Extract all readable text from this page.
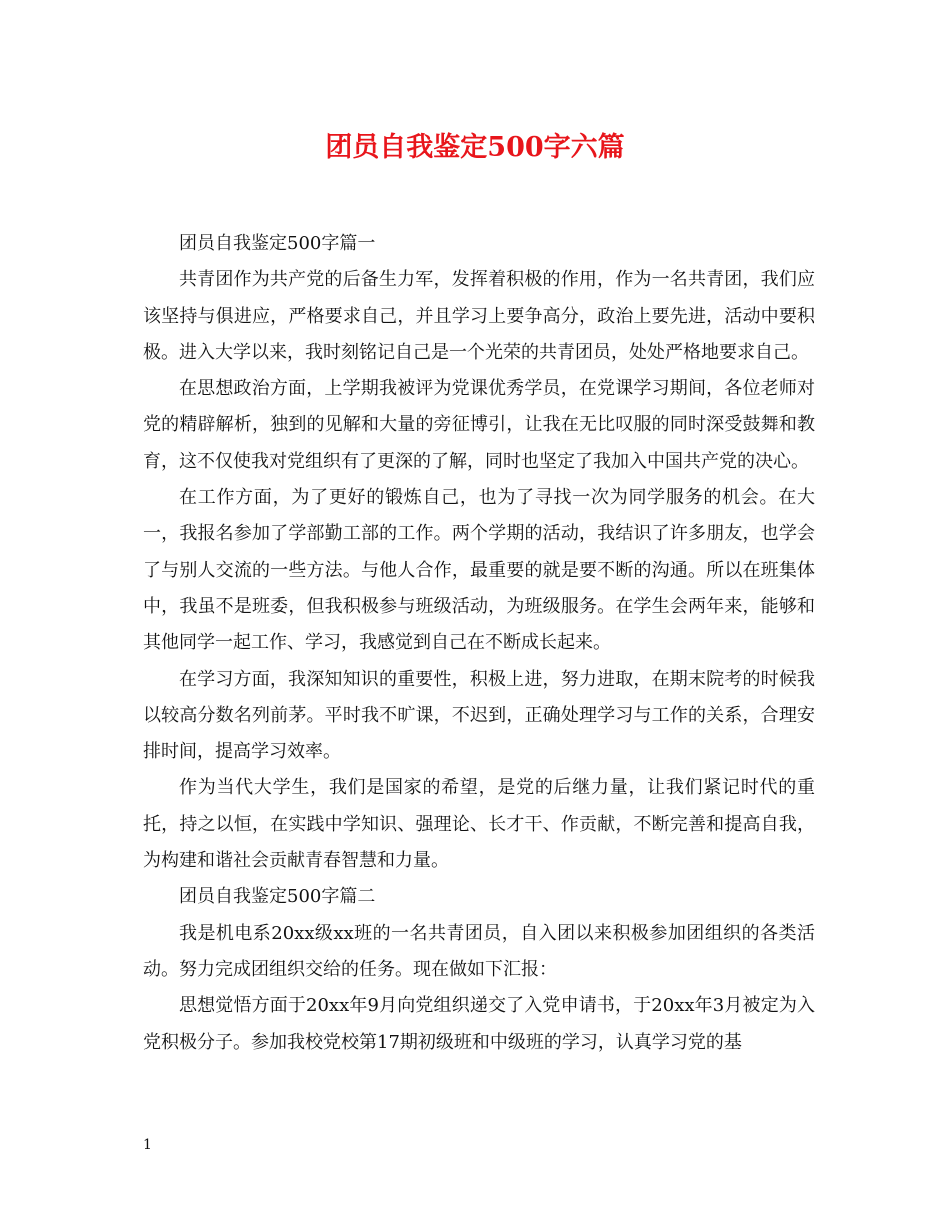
团员自我鉴定500字六篇

团员自我鉴定500字篇一

共青团作为共产党的后备生力军，发挥着积极的作用，作为一名共青团，我们应该坚持与俱进应，严格要求自己，并且学习上要争高分，政治上要先进，活动中要积极。进入大学以来，我时刻铭记自己是一个光荣的共青团员，处处严格地要求自己。

在思想政治方面，上学期我被评为党课优秀学员，在党课学习期间，各位老师对党的精辟解析，独到的见解和大量的旁征博引，让我在无比叹服的同时深受鼓舞和教育，这不仅使我对党组织有了更深的了解，同时也坚定了我加入中国共产党的决心。

在工作方面，为了更好的锻炼自己，也为了寻找一次为同学服务的机会。在大一，我报名参加了学部勤工部的工作。两个学期的活动，我结识了许多朋友，也学会了与别人交流的一些方法。与他人合作，最重要的就是要不断的沟通。所以在班集体中，我虽不是班委，但我积极参与班级活动，为班级服务。在学生会两年来，能够和其他同学一起工作、学习，我感觉到自己在不断成长起来。

在学习方面，我深知知识的重要性，积极上进，努力进取，在期末院考的时候我以较高分数名列前茅。平时我不旷课，不迟到，正确处理学习与工作的关系，合理安排时间，提高学习效率。

作为当代大学生，我们是国家的希望，是党的后继力量，让我们紧记时代的重托，持之以恒，在实践中学知识、强理论、长才干、作贡献，不断完善和提高自我，为构建和谐社会贡献青春智慧和力量。

团员自我鉴定500字篇二

我是机电系20xx级xx班的一名共青团员，自入团以来积极参加团组织的各类活动。努力完成团组织交给的任务。现在做如下汇报：

思想觉悟方面于20xx年9月向党组织递交了入党申请书，于20xx年3月被定为入党积极分子。参加我校党校第17期初级班和中级班的学习，认真学习党的基

1
